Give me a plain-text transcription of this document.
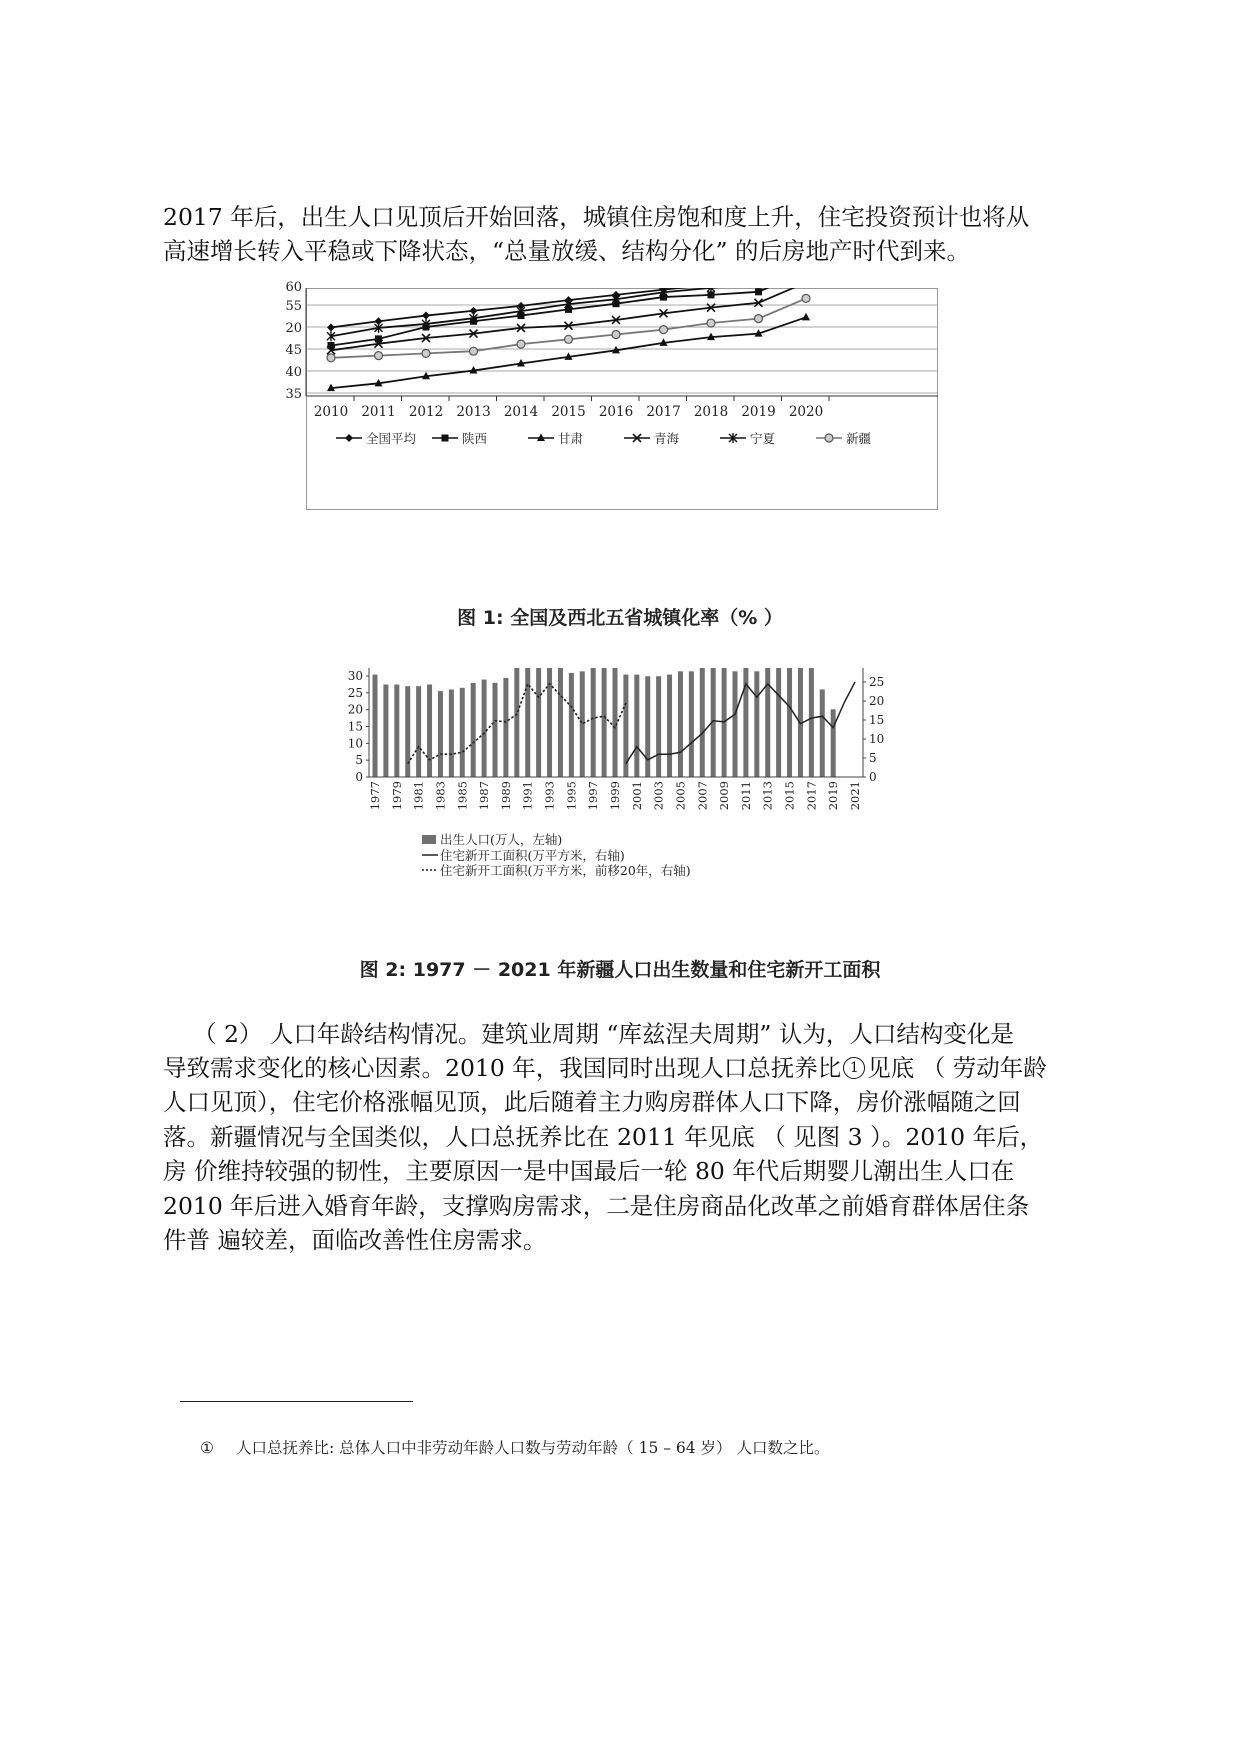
2017 年后，出生人口见顶后开始回落，城镇住房饱和度上升，住宅投资预计也将从

高速增长转入平稳或下降状态，“总量放缓、结构分化” 的后房地产时代到来。

35
40
45
20
55
60
2010 2011 2012 2013 2014 2015 2016 2017 2018 2019 2020
全国平均	陕西	甘肃	青海	宁夏	新疆

图 1: 全国及西北五省城镇化率（% ）

0
5
10
15
20
25
30
0
5
10
15
20
25
1977 1979 1981 1983 1985 1987 1989 1991 1993 1995 1997 1999 2001 2003 2005 2007 2009 2011 2013 2015 2017 2019 2021
出生人口(万人，左轴)
住宅新开工面积(万平方米，右轴)
住宅新开工面积(万平方米，前移20年，右轴)

图 2: 1977 － 2021 年新疆人口出生数量和住宅新开工面积

（ 2） 人口年龄结构情况。建筑业周期 “库兹涅夫周期” 认为，人口结构变化是

导致需求变化的核心因素。2010 年，我国同时出现人口总抚养比 1 见底 （ 劳动年龄

人口见顶），住宅价格涨幅见顶，此后随着主力购房群体人口下降，房价涨幅随之回

落。新疆情况与全国类似，人口总抚养比在 2011 年见底 （ 见图 3 ）。2010 年后，

房 价维持较强的韧性，主要原因一是中国最后一轮 80 年代后期婴儿潮出生人口在

2010 年后进入婚育年龄，支撑购房需求，二是住房商品化改革之前婚育群体居住条

件普 遍较差，面临改善性住房需求。

① 人口总抚养比: 总体人口中非劳动年龄人口数与劳动年龄（ 15 – 64 岁） 人口数之比。
